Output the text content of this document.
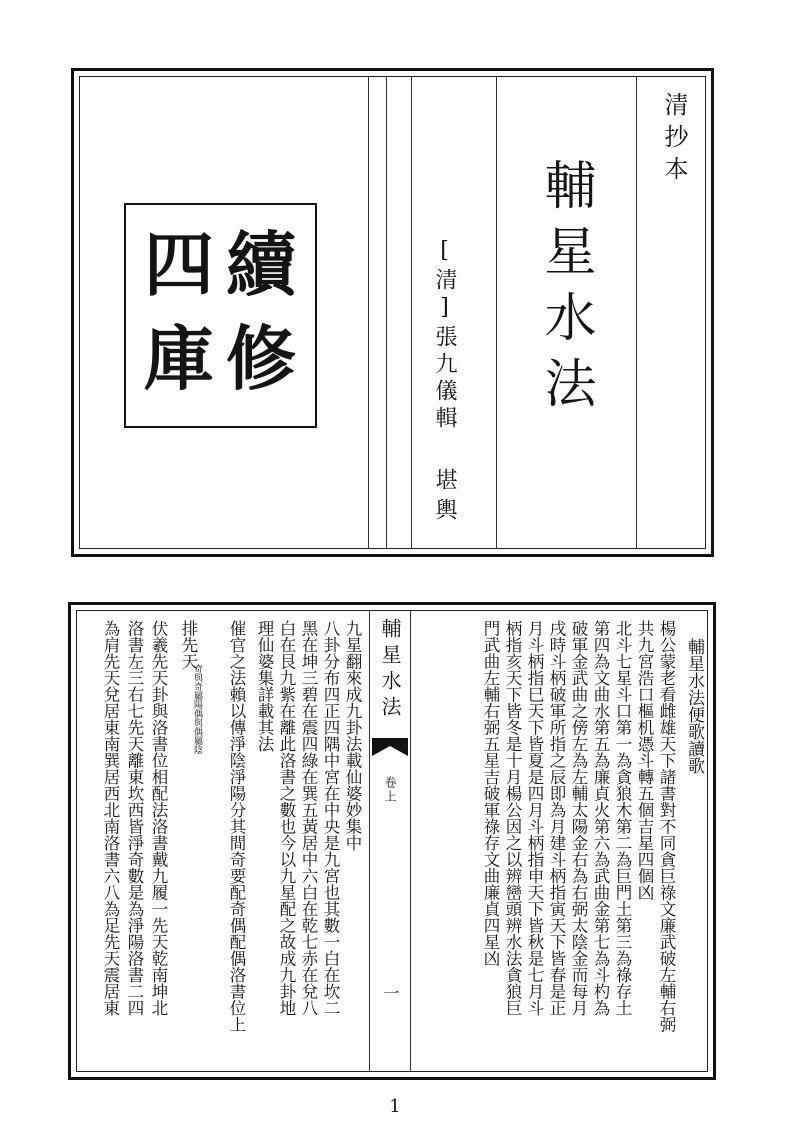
清抄本
輔星水法
[清]張九儀輯
堪輿
續
修
四
庫
輔星水法
卷上
一
輔星水法便歌讀歌
楊公蒙老看雌雄天下諸書對不同貪巨祿文廉武破左輔右弼
共九宮浩口樞机憑斗轉五個吉星四個凶
北斗七星斗口第一為貪狼木第二為巨門土第三為祿存土
第四為文曲水第五為廉貞火第六為武曲金第七為斗杓為
破軍金武曲之傍左為左輔太陽金右為右弼太陰金而每月
戌時斗柄破軍所指之辰即為月建斗柄指寅天下皆春是正
月斗柄指巳天下皆夏是四月斗柄指申天下皆秋是七月斗
柄指亥天下皆冬是十月楊公因之以辨巒頭辨水法貪狼巨
門武曲左輔右弼五星吉破軍祿存文曲廉貞四星凶
九星翻來成九卦法載仙婆妙集中
八卦分布四正四隅中宮在中央是九宮也其數一白在坎二
黑在坤三碧在震四綠在巽五黃居中六白在乾七赤在兌八
白在艮九紫在離此洛書之數也今以九星配之故成九卦地
理仙婆集詳載其法
催官之法賴以傳淨陰淨陽分其間奇要配奇偶配偶洛書位上
排先天
奇與奇屬陽偶與偶屬陰
伏羲先天卦與洛書位相配法洛書戴九履一先天乾南坤北
洛書左三右七先天離東坎西皆淨奇數是為淨陽洛書二四
為肩先天兌居東南巽居西北南洛書六八為足先天震居東
1
